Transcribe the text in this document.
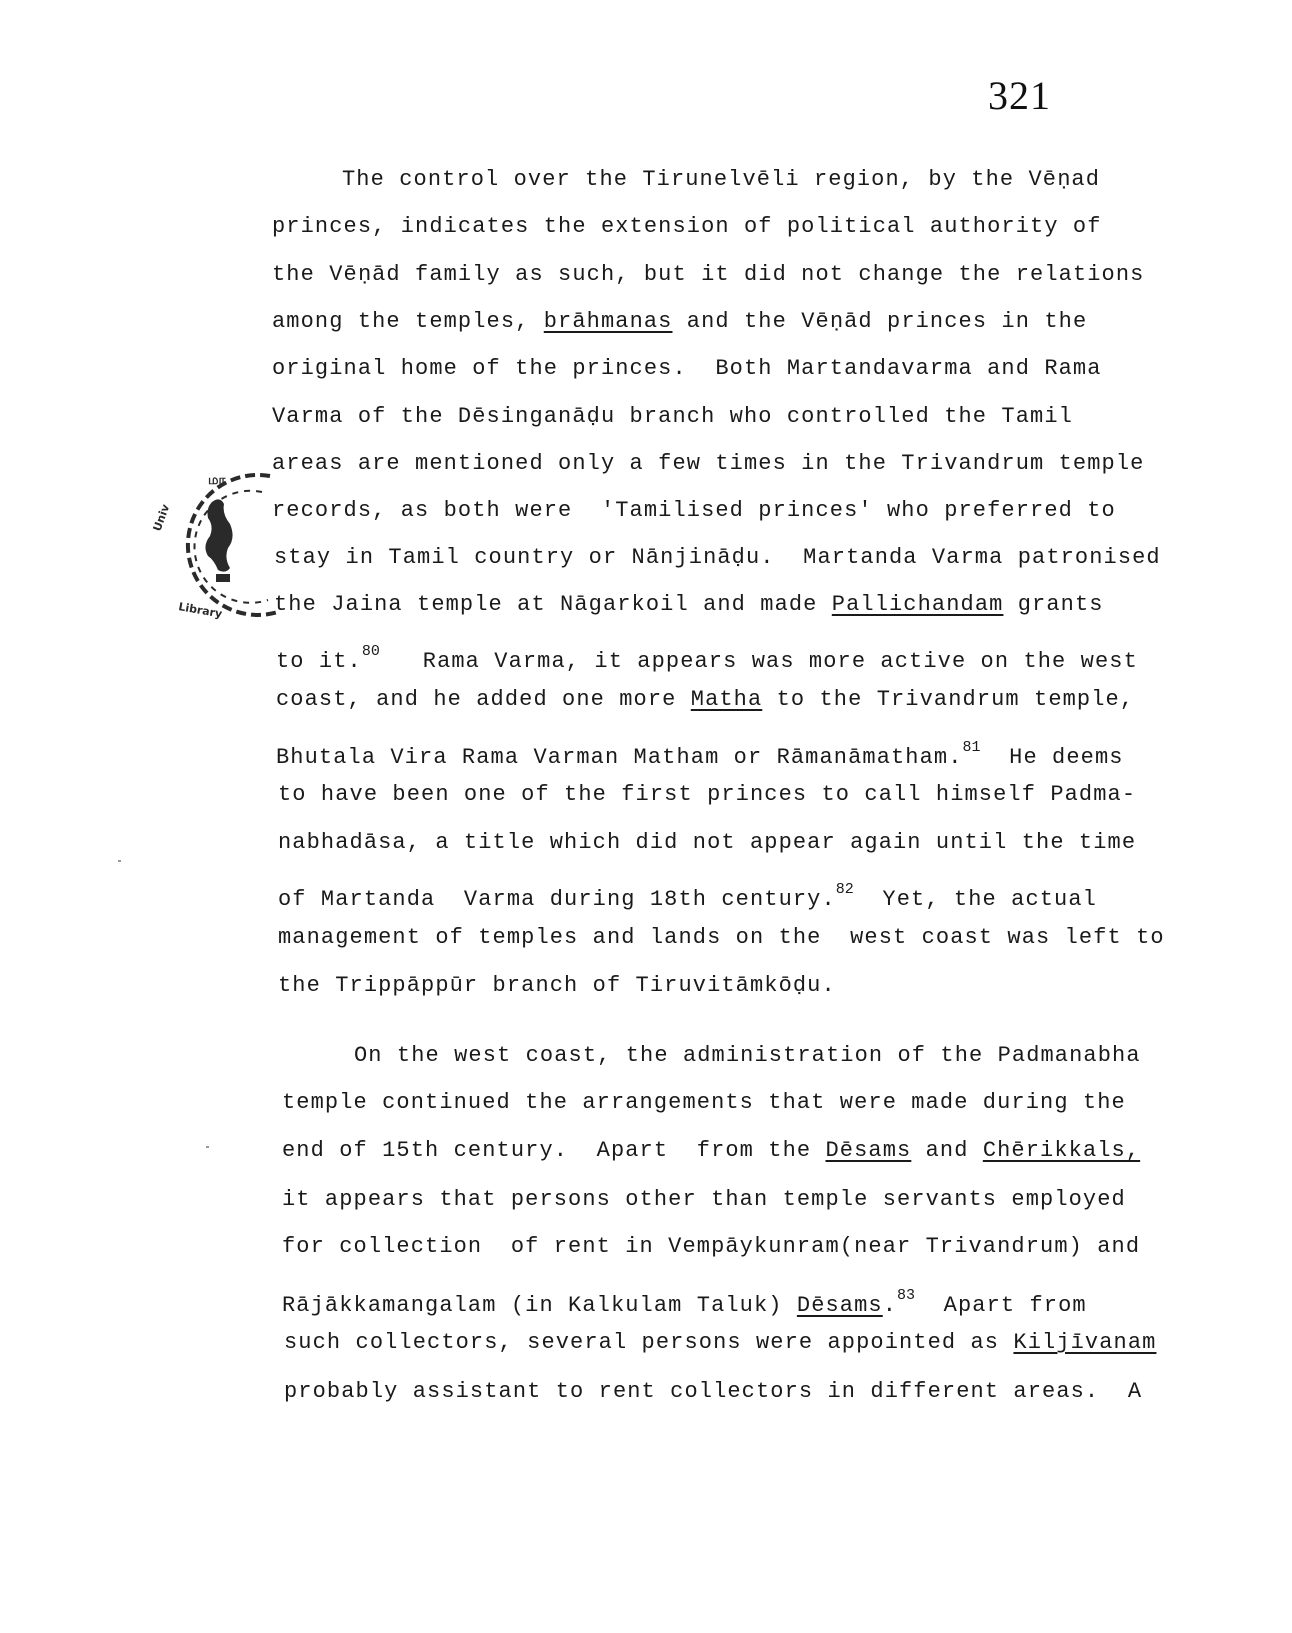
321
மா
Univ
Library
The control over the Tirunelvēli region, by the Vēṇad
princes, indicates the extension of political authority of
the Vēṇād family as such, but it did not change the relations
among the temples, brāhmanas and the Vēṇād princes in the
original home of the princes.  Both Martandavarma and Rama
Varma of the Dēsinganāḍu branch who controlled the Tamil
areas are mentioned only a few times in the Trivandrum temple
records, as both were  'Tamilised princes' who preferred to
stay in Tamil country or Nānjināḍu.  Martanda Varma patronised
the Jaina temple at Nāgarkoil and made Pallichandam grants
to it.$^{80}$ Rama Varma, it appears was more active on the west
coast, and he added one more Matha to the Trivandrum temple,
Bhutala Vira Rama Varman Matham or Rāmanāmatham.$^{81}$ He deems
to have been one of the first princes to call himself Padma-
nabhadāsa, a title which did not appear again until the time
of Martanda  Varma during 18th century.$^{82}$ Yet, the actual
management of temples and lands on the  west coast was left to
the Trippāppūr branch of Tiruvitāmkōḍu.
On the west coast, the administration of the Padmanabha
temple continued the arrangements that were made during the
end of 15th century.  Apart  from the Dēsams and Chērikkals,
it appears that persons other than temple servants employed
for collection  of rent in Vempāykunram(near Trivandrum) and
Rājākkamangalam (in Kalkulam Taluk) Dēsams.$^{83}$ Apart from
such collectors, several persons were appointed as Kiljīvanam
probably assistant to rent collectors in different areas.  A
